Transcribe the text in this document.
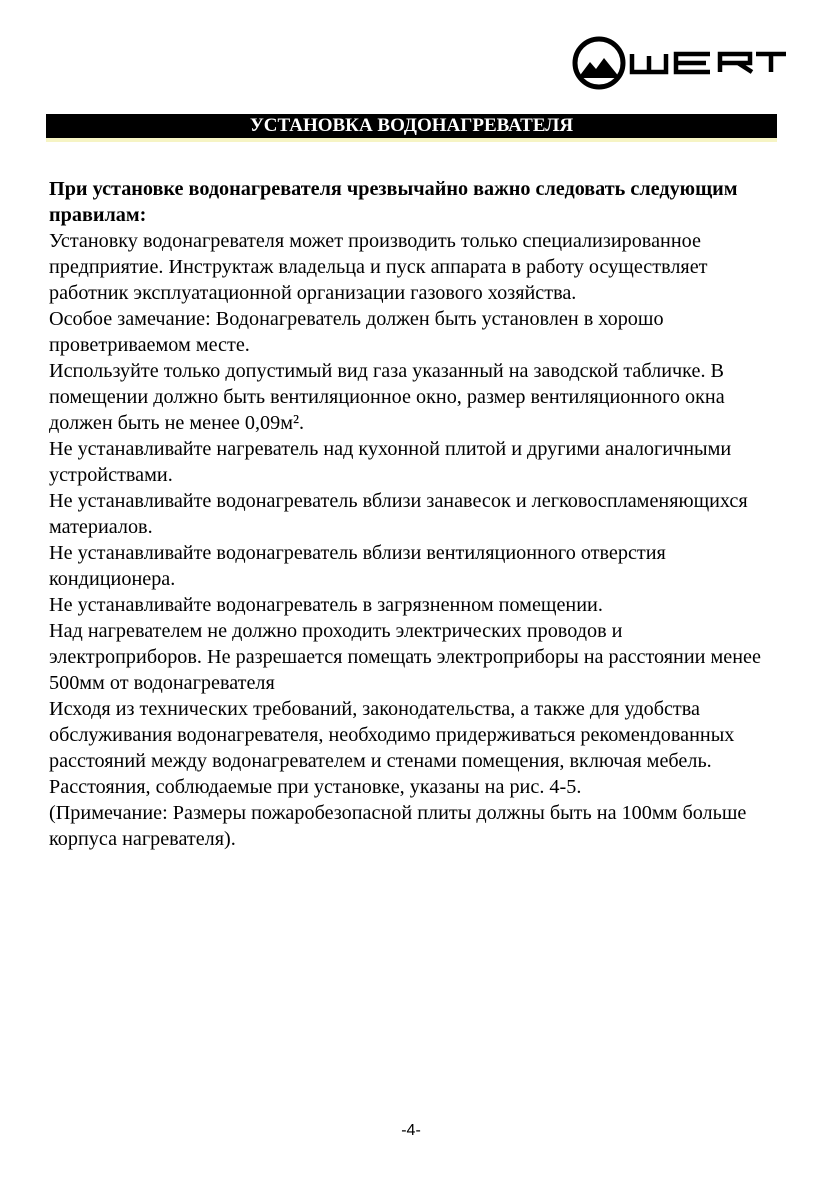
УСТАНОВКА ВОДОНАГРЕВАТЕЛЯ

При установке водонагревателя чрезвычайно важно следовать следующим правилам:

Установку водонагревателя может производить только специализированное предприятие. Инструктаж владельца и пуск аппарата в работу осуществляет работник эксплуатационной организации газового хозяйства.

Особое замечание: Водонагреватель должен быть установлен в хорошо проветриваемом месте.

Используйте только допустимый вид газа указанный на заводской табличке. В помещении должно быть вентиляционное окно, размер вентиляционного окна должен быть не менее 0,09м².

Не устанавливайте нагреватель над кухонной плитой и другими аналогичными устройствами.

Не устанавливайте водонагреватель вблизи занавесок и легковоспламеняющихся материалов.

Не устанавливайте водонагреватель вблизи вентиляционного отверстия кондиционера.

Не устанавливайте водонагреватель в загрязненном помещении.

Над нагревателем не должно проходить электрических проводов и электроприборов. Не разрешается помещать электроприборы на расстоянии менее 500мм от водонагревателя

Исходя из технических требований, законодательства, а также для удобства обслуживания водонагревателя, необходимо придерживаться рекомендованных расстояний между водонагревателем и стенами помещения, включая мебель.

Расстояния, соблюдаемые при установке, указаны на рис. 4-5.

(Примечание: Размеры пожаробезопасной плиты должны быть на 100мм больше корпуса нагревателя).

-4-
